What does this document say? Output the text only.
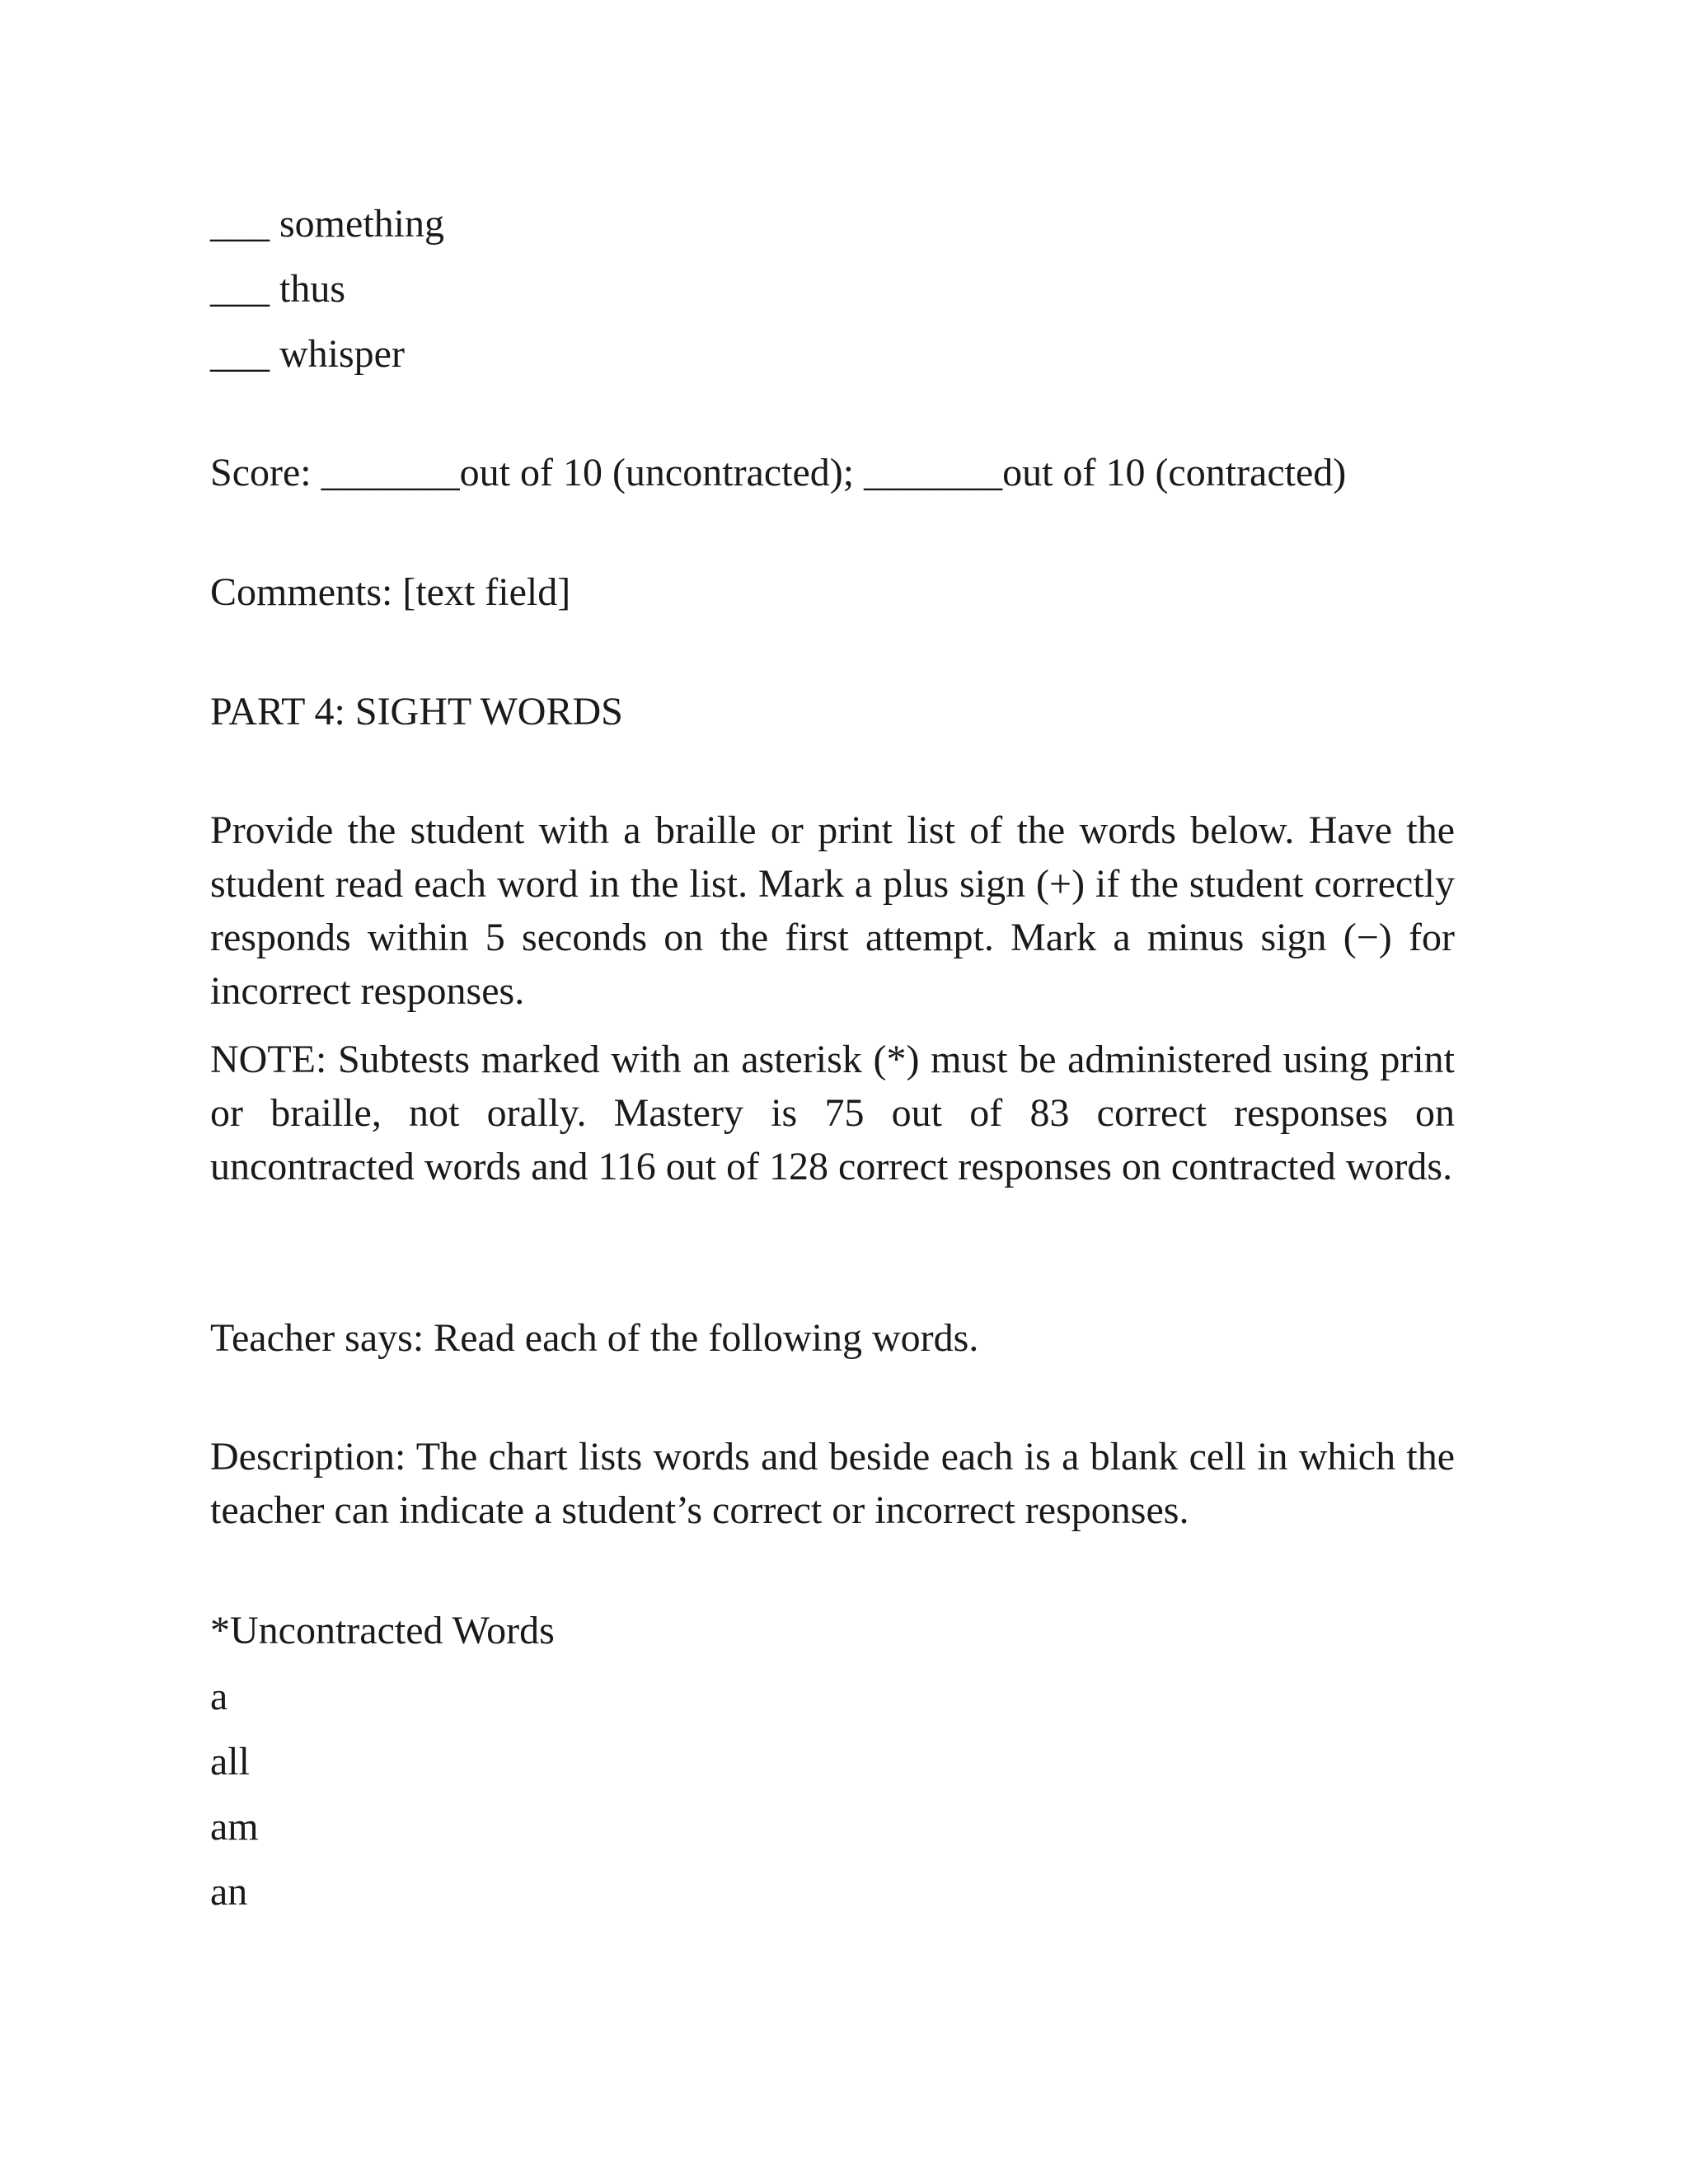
___ something
___ thus
___ whisper
Score: _______out of 10 (uncontracted); _______out of 10 (contracted)
Comments: [text field]
PART 4: SIGHT WORDS
Provide the student with a braille or print list of the words below. Have the student read each word in the list. Mark a plus sign (+) if the student correctly responds within 5 seconds on the first attempt. Mark a minus sign (−) for incorrect responses.
NOTE: Subtests marked with an asterisk (*) must be administered using print or braille, not orally. Mastery is 75 out of 83 correct responses on uncontracted words and 116 out of 128 correct responses on contracted words.
Teacher says: Read each of the following words.
Description: The chart lists words and beside each is a blank cell in which the teacher can indicate a student’s correct or incorrect responses.
*Uncontracted Words
a
all
am
an
